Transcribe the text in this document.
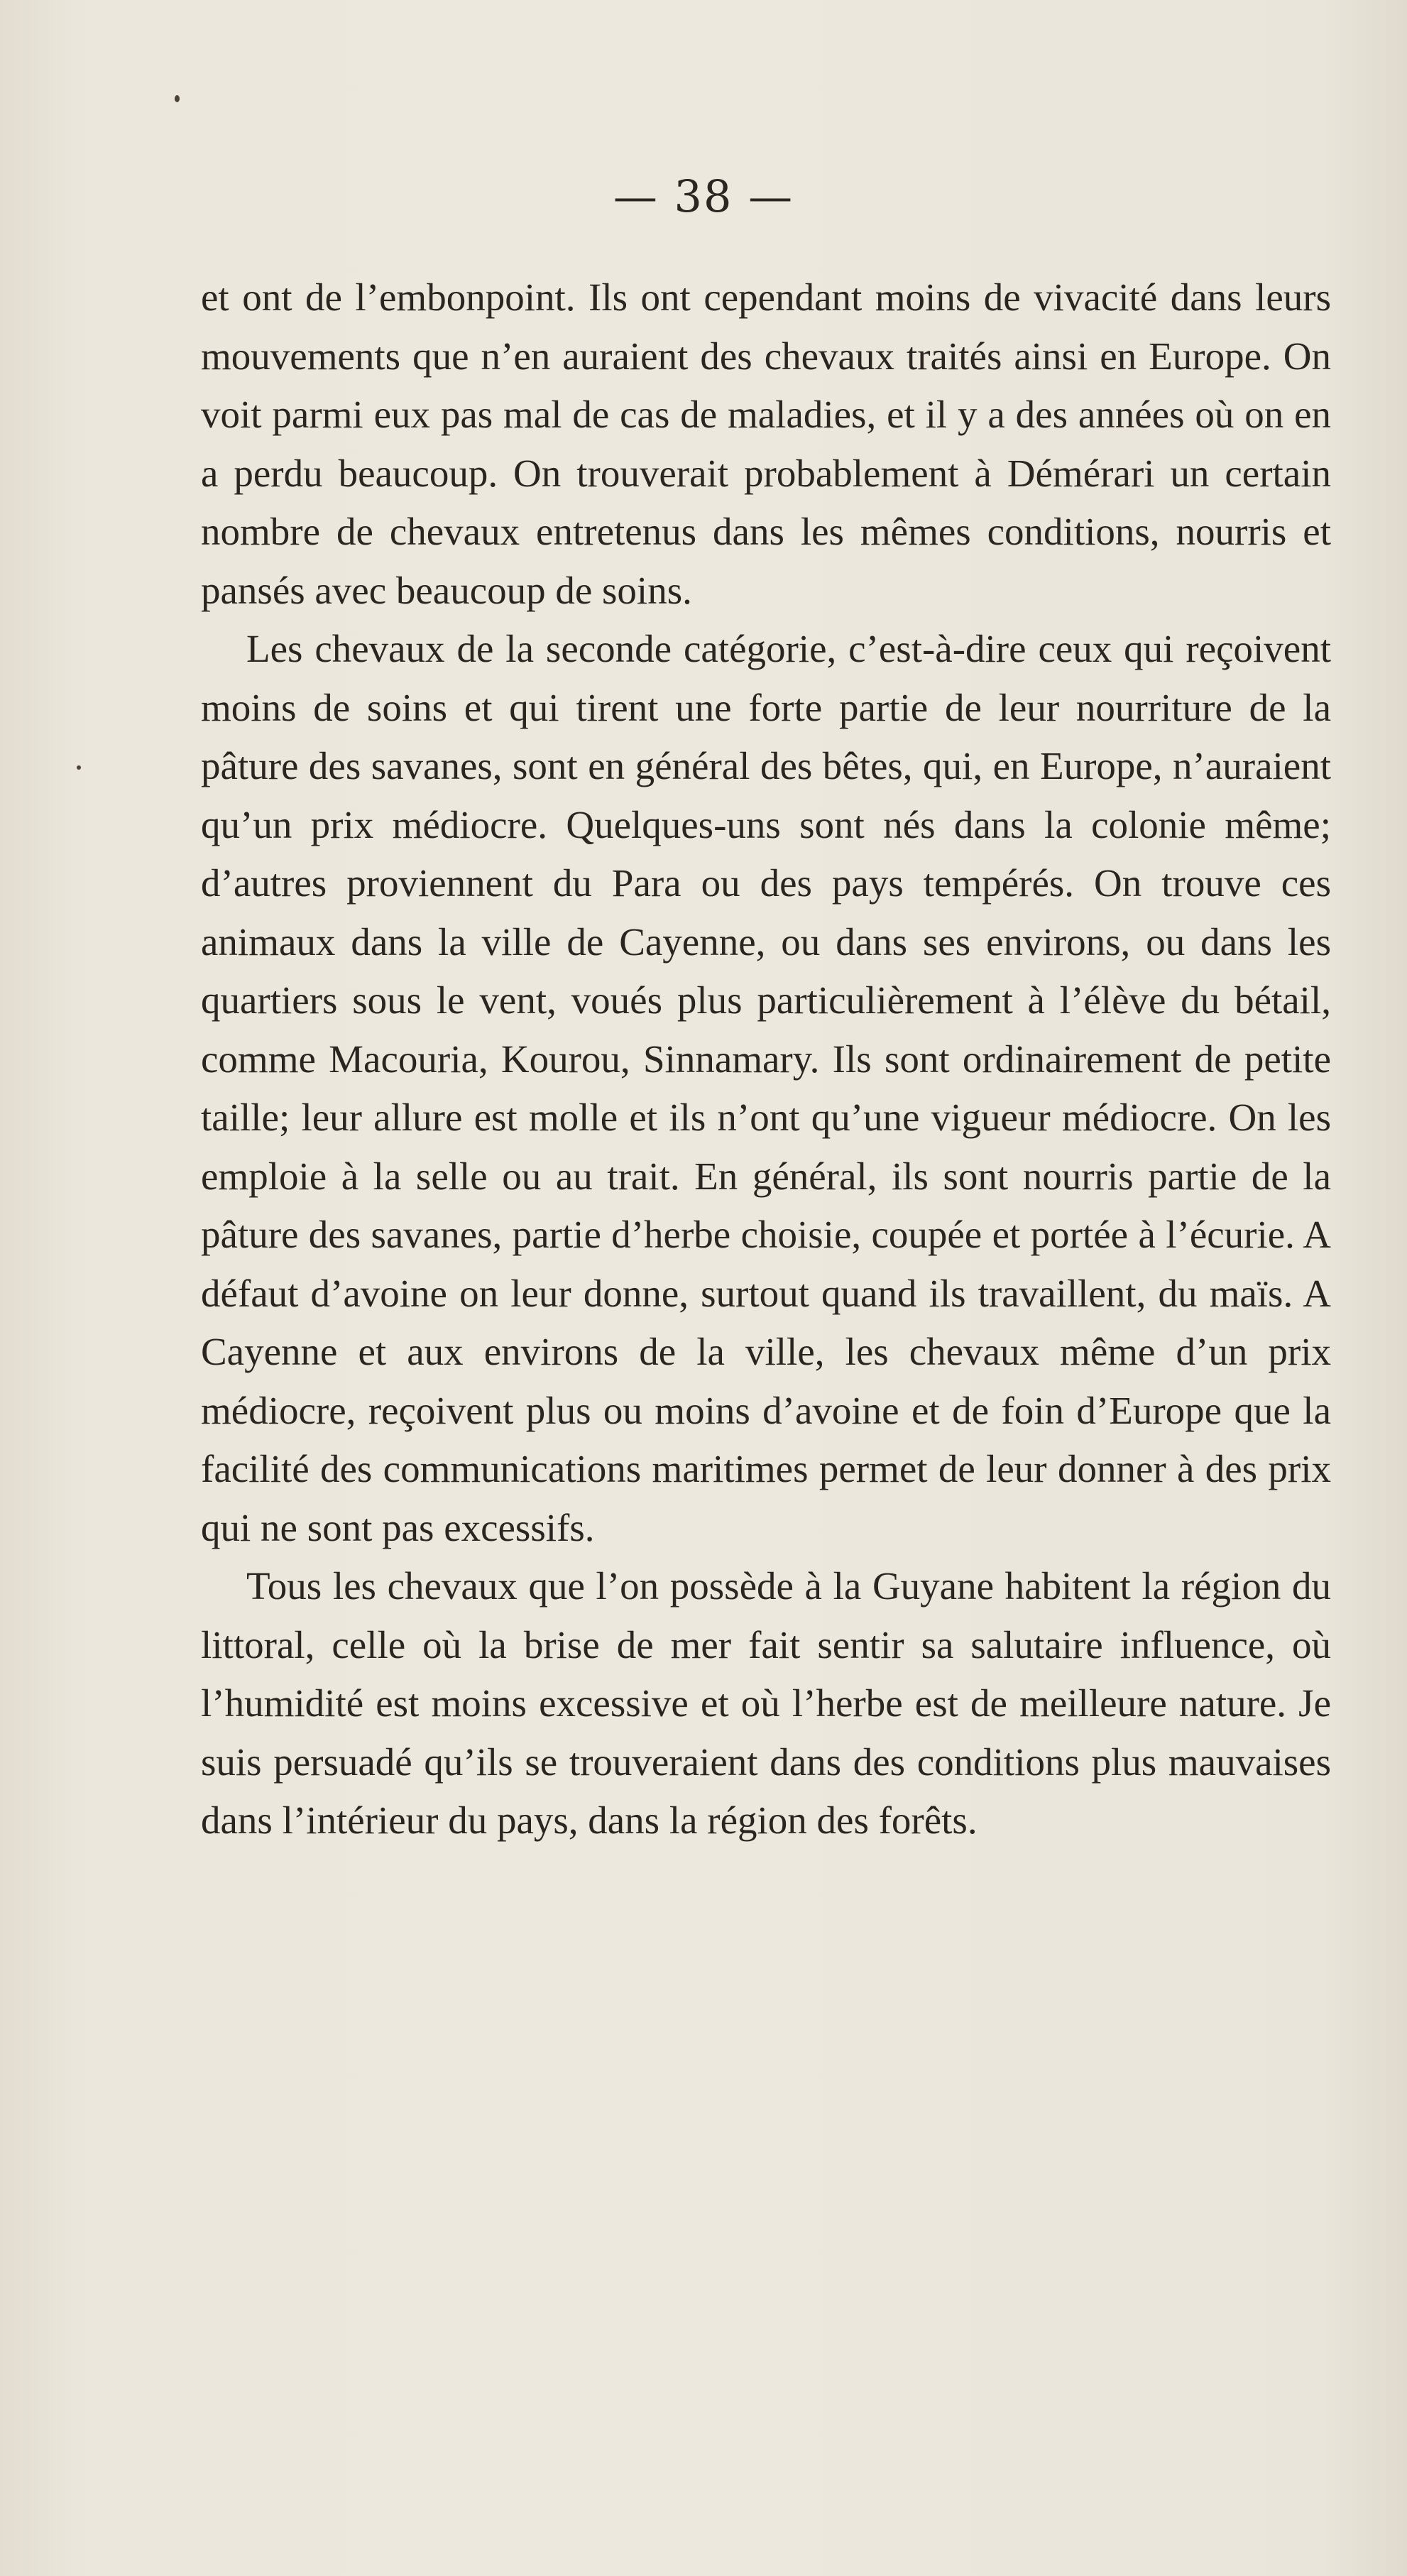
— 38 —

et ont de l’embonpoint. Ils ont cependant moins de vivacité dans leurs mouvements que n’en auraient des chevaux traités ainsi en Europe. On voit parmi eux pas mal de cas de maladies, et il y a des années où on en a perdu beaucoup. On trouverait probablement à Démérari un certain nombre de chevaux entretenus dans les mêmes conditions, nourris et pansés avec beaucoup de soins.

Les chevaux de la seconde catégorie, c’est-à-dire ceux qui reçoivent moins de soins et qui tirent une forte partie de leur nourriture de la pâture des savanes, sont en général des bêtes, qui, en Europe, n’auraient qu’un prix médiocre. Quelques-uns sont nés dans la colonie même; d’autres proviennent du Para ou des pays tempérés. On trouve ces animaux dans la ville de Cayenne, ou dans ses environs, ou dans les quartiers sous le vent, voués plus particulièrement à l’élève du bétail, comme Macouria, Kourou, Sinnamary. Ils sont ordinairement de petite taille; leur allure est molle et ils n’ont qu’une vigueur médiocre. On les emploie à la selle ou au trait. En général, ils sont nourris partie de la pâture des savanes, partie d’herbe choisie, coupée et portée à l’écurie. A défaut d’avoine on leur donne, surtout quand ils travaillent, du maïs. A Cayenne et aux environs de la ville, les chevaux même d’un prix médiocre, reçoivent plus ou moins d’avoine et de foin d’Europe que la facilité des communications maritimes permet de leur donner à des prix qui ne sont pas excessifs.

Tous les chevaux que l’on possède à la Guyane habitent la région du littoral, celle où la brise de mer fait sentir sa salutaire influence, où l’humidité est moins excessive et où l’herbe est de meilleure nature. Je suis persuadé qu’ils se trouveraient dans des conditions plus mauvaises dans l’intérieur du pays, dans la région des forêts.
